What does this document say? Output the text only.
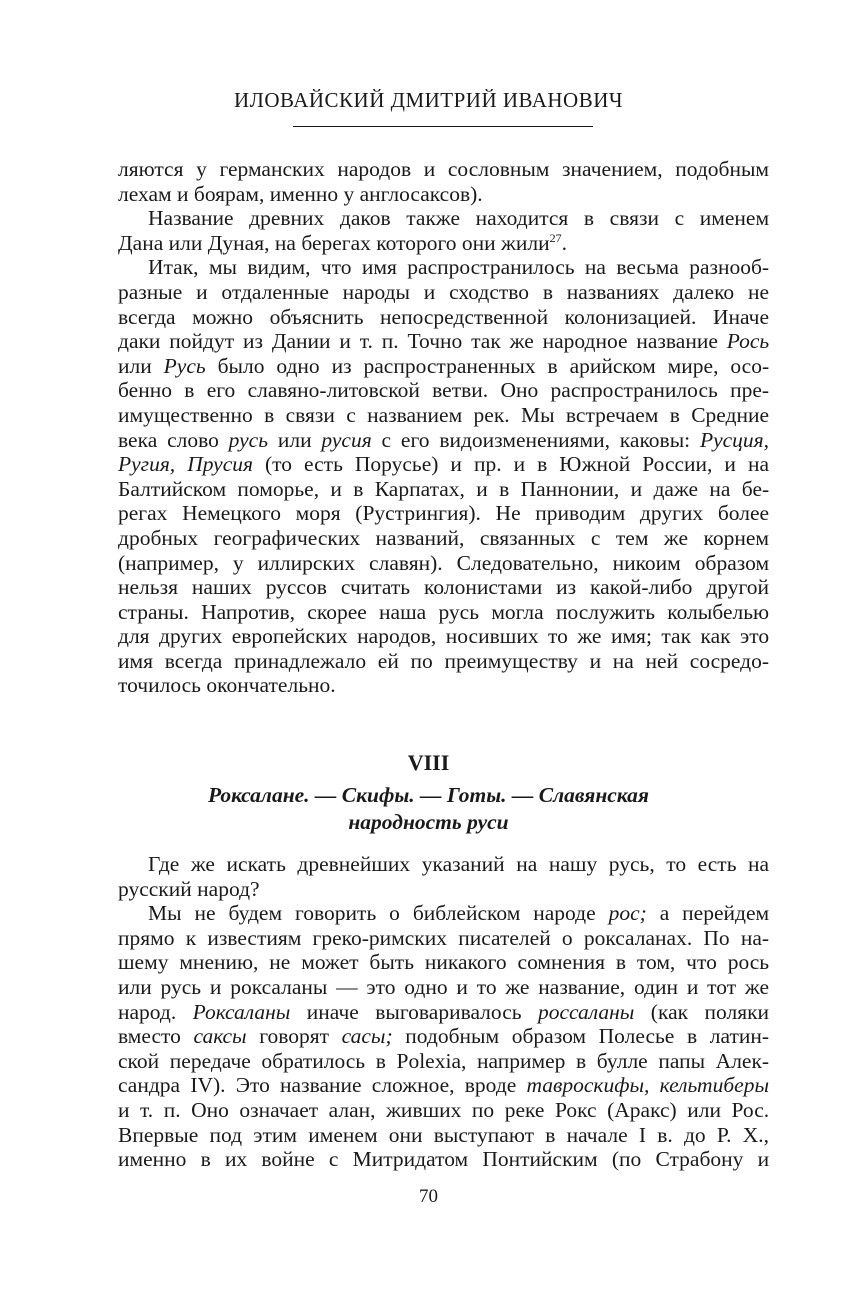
ИЛОВАЙСКИЙ ДМИТРИЙ ИВАНОВИЧ
ляются у германских народов и сословным значением, подобным
лехам и боярам, именно у англосаксов).
Название древних даков также находится в связи с именем
Дана или Дуная, на берегах которого они жили$^{27}$.
Итак, мы видим, что имя распространилось на весьма разнооб-
разные и отдаленные народы и сходство в названиях далеко не
всегда можно объяснить непосредственной колонизацией. Иначе
даки пойдут из Дании и т. п. Точно так же народное название Рось
или Русь было одно из распространенных в арийском мире, осо-
бенно в его славяно-литовской ветви. Оно распространилось пре-
имущественно в связи с названием рек. Мы встречаем в Средние
века слово русь или русия с его видоизменениями, каковы: Русция,
Ругия, Прусия (то есть Порусье) и пр. и в Южной России, и на
Балтийском поморье, и в Карпатах, и в Паннонии, и даже на бе-
регах Немецкого моря (Рустрингия). Не приводим других более
дробных географических названий, связанных с тем же корнем
(например, у иллирских славян). Следовательно, никоим образом
нельзя наших руссов считать колонистами из какой-либо другой
страны. Напротив, скорее наша русь могла послужить колыбелью
для других европейских народов, носивших то же имя; так как это
имя всегда принадлежало ей по преимуществу и на ней сосредо-
точилось окончательно.
VIII
Роксалане. — Скифы. — Готы. — Славянская
народность руси
Где же искать древнейших указаний на нашу русь, то есть на
русский народ?
Мы не будем говорить о библейском народе рос; а перейдем
прямо к известиям греко-римских писателей о роксаланах. По на-
шему мнению, не может быть никакого сомнения в том, что рось
или русь и роксаланы — это одно и то же название, один и тот же
народ. Роксаланы иначе выговаривалось россаланы (как поляки
вместо саксы говорят сасы; подобным образом Полесье в латин-
ской передаче обратилось в Polexia, например в булле папы Алек-
сандра IV). Это название сложное, вроде тавроскифы, кельтиберы
и т. п. Оно означает алан, живших по реке Рокс (Аракс) или Рос.
Впервые под этим именем они выступают в начале I в. до Р. Х.,
именно в их войне с Митридатом Понтийским (по Страбону и
70
